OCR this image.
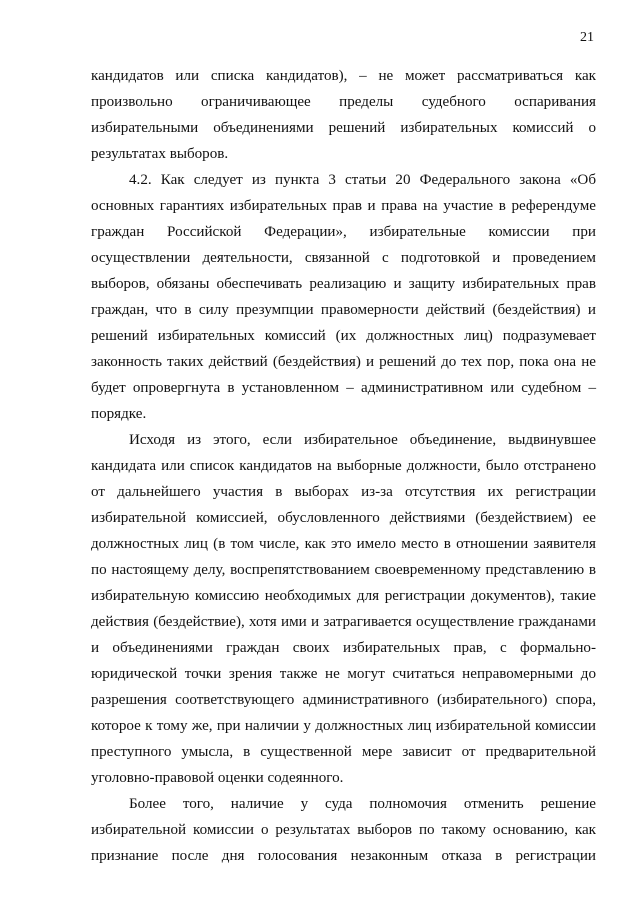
21
кандидатов или списка кандидатов), – не может рассматриваться как
произвольно ограничивающее пределы судебного оспаривания
избирательными объединениями решений избирательных комиссий о
результатах выборов.
4.2. Как следует из пункта 3 статьи 20 Федерального закона «Об
основных гарантиях избирательных прав и права на участие в референдуме
граждан Российской Федерации», избирательные комиссии при
осуществлении деятельности, связанной с подготовкой и проведением
выборов, обязаны обеспечивать реализацию и защиту избирательных прав
граждан, что в силу презумпции правомерности действий (бездействия) и
решений избирательных комиссий (их должностных лиц) подразумевает
законность таких действий (бездействия) и решений до тех пор, пока она не
будет опровергнута в установленном – административном или судебном –
порядке.
Исходя из этого, если избирательное объединение, выдвинувшее
кандидата или список кандидатов на выборные должности, было отстранено
от дальнейшего участия в выборах из-за отсутствия их регистрации
избирательной комиссией, обусловленного действиями (бездействием) ее
должностных лиц (в том числе, как это имело место в отношении заявителя
по настоящему делу, воспрепятствованием своевременному представлению в
избирательную комиссию необходимых для регистрации документов), такие
действия (бездействие), хотя ими и затрагивается осуществление гражданами
и объединениями граждан своих избирательных прав, с формально-
юридической точки зрения также не могут считаться неправомерными до
разрешения соответствующего административного (избирательного) спора,
которое к тому же, при наличии у должностных лиц избирательной комиссии
преступного умысла, в существенной мере зависит от предварительной
уголовно-правовой оценки содеянного.
Более того, наличие у суда полномочия отменить решение
избирательной комиссии о результатах выборов по такому основанию, как
признание после дня голосования незаконным отказа в регистрации
